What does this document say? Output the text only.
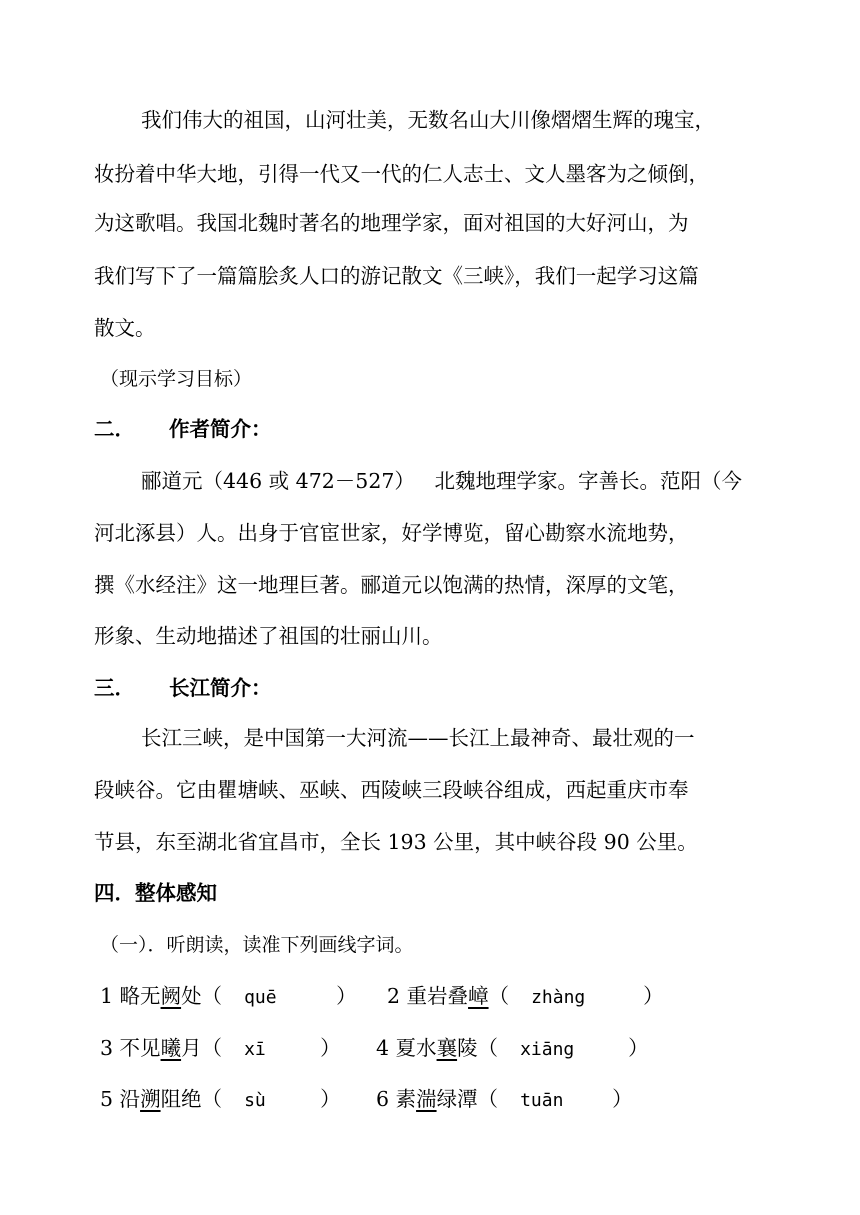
我们伟大的祖国，山河壮美，无数名山大川像熠熠生辉的瑰宝，
妆扮着中华大地，引得一代又一代的仁人志士、文人墨客为之倾倒，
为这歌唱。我国北魏时著名的地理学家，面对祖国的大好河山，为
我们写下了一篇篇脍炙人口的游记散文《三峡》，我们一起学习这篇
散文。
（现示学习目标）
二． 作者简介：
郦道元（446 或 472－527）   北魏地理学家。字善长。范阳（今
河北涿县）人。出身于官宦世家，好学博览，留心勘察水流地势，
撰《水经注》这一地理巨著。郦道元以饱满的热情，深厚的文笔，
形象、生动地描述了祖国的壮丽山川。
三． 长江简介：
长江三峡，是中国第一大河流——长江上最神奇、最壮观的一
段峡谷。它由瞿塘峡、巫峡、西陵峡三段峡谷组成，西起重庆市奉
节县，东至湖北省宜昌市，全长 193 公里，其中峡谷段 90 公里。
四．整体感知
（一）．听朗读，读准下列画线字词。
1 略无阙处（ quē	） 2 重岩叠嶂（ zhàng	）
3 不见曦月（ xī	） 4 夏水襄陵（ xiāng	）
5 沿溯阻绝（ sù	） 6 素湍绿潭（ tuān ）
